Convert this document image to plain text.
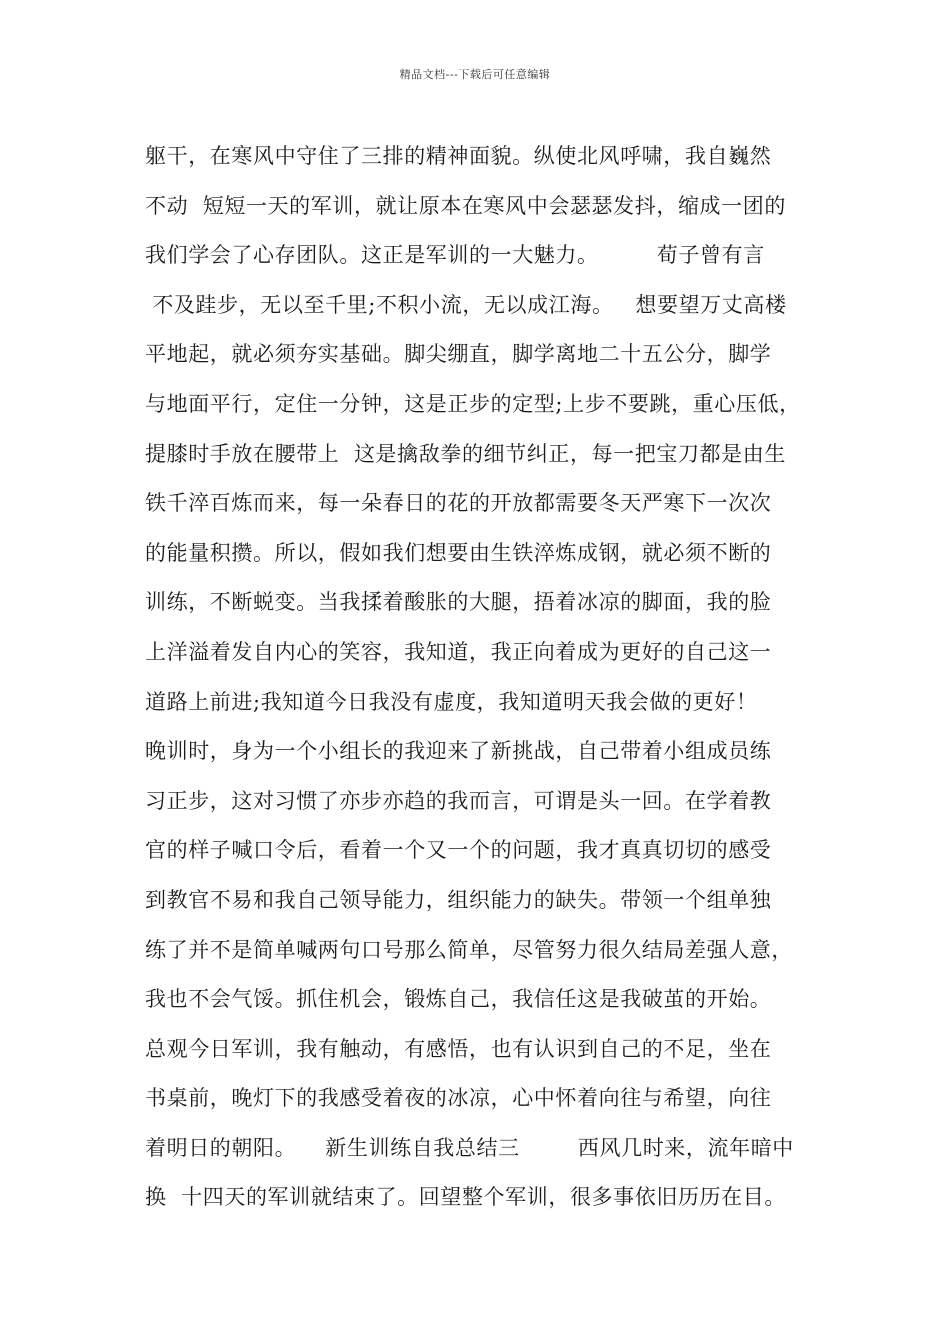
精品文档---下载后可任意编辑
躯干，在寒风中守住了三排的精神面貌。纵使北风呼啸，我自巍然
不动  短短一天的军训，就让原本在寒风中会瑟瑟发抖，缩成一团的
我们学会了心存团队。这正是军训的一大魅力。        荀子曾有言
不及跬步，无以至千里;不积小流，无以成江海。   想要望万丈高楼
平地起，就必须夯实基础。脚尖绷直，脚学离地二十五公分，脚学
与地面平行，定住一分钟，这是正步的定型;上步不要跳，重心压低，
提膝时手放在腰带上  这是擒敌拳的细节纠正，每一把宝刀都是由生
铁千淬百炼而来，每一朵春日的花的开放都需要冬天严寒下一次次
的能量积攒。所以，假如我们想要由生铁淬炼成钢，就必须不断的
训练，不断蜕变。当我揉着酸胀的大腿，捂着冰凉的脚面，我的脸
上洋溢着发自内心的笑容，我知道，我正向着成为更好的自己这一
道路上前进;我知道今日我没有虚度，我知道明天我会做的更好！
晚训时，身为一个小组长的我迎来了新挑战，自己带着小组成员练
习正步，这对习惯了亦步亦趋的我而言，可谓是头一回。在学着教
官的样子喊口令后，看着一个又一个的问题，我才真真切切的感受
到教官不易和我自己领导能力，组织能力的缺失。带领一个组单独
练了并不是简单喊两句口号那么简单，尽管努力很久结局差强人意，
我也不会气馁。抓住机会，锻炼自己，我信任这是我破茧的开始。
总观今日军训，我有触动，有感悟，也有认识到自己的不足，坐在
书桌前，晚灯下的我感受着夜的冰凉，心中怀着向往与希望，向往
着明日的朝阳。    新生训练自我总结三        西风几时来，流年暗中
换  十四天的军训就结束了。回望整个军训，很多事依旧历历在目。
